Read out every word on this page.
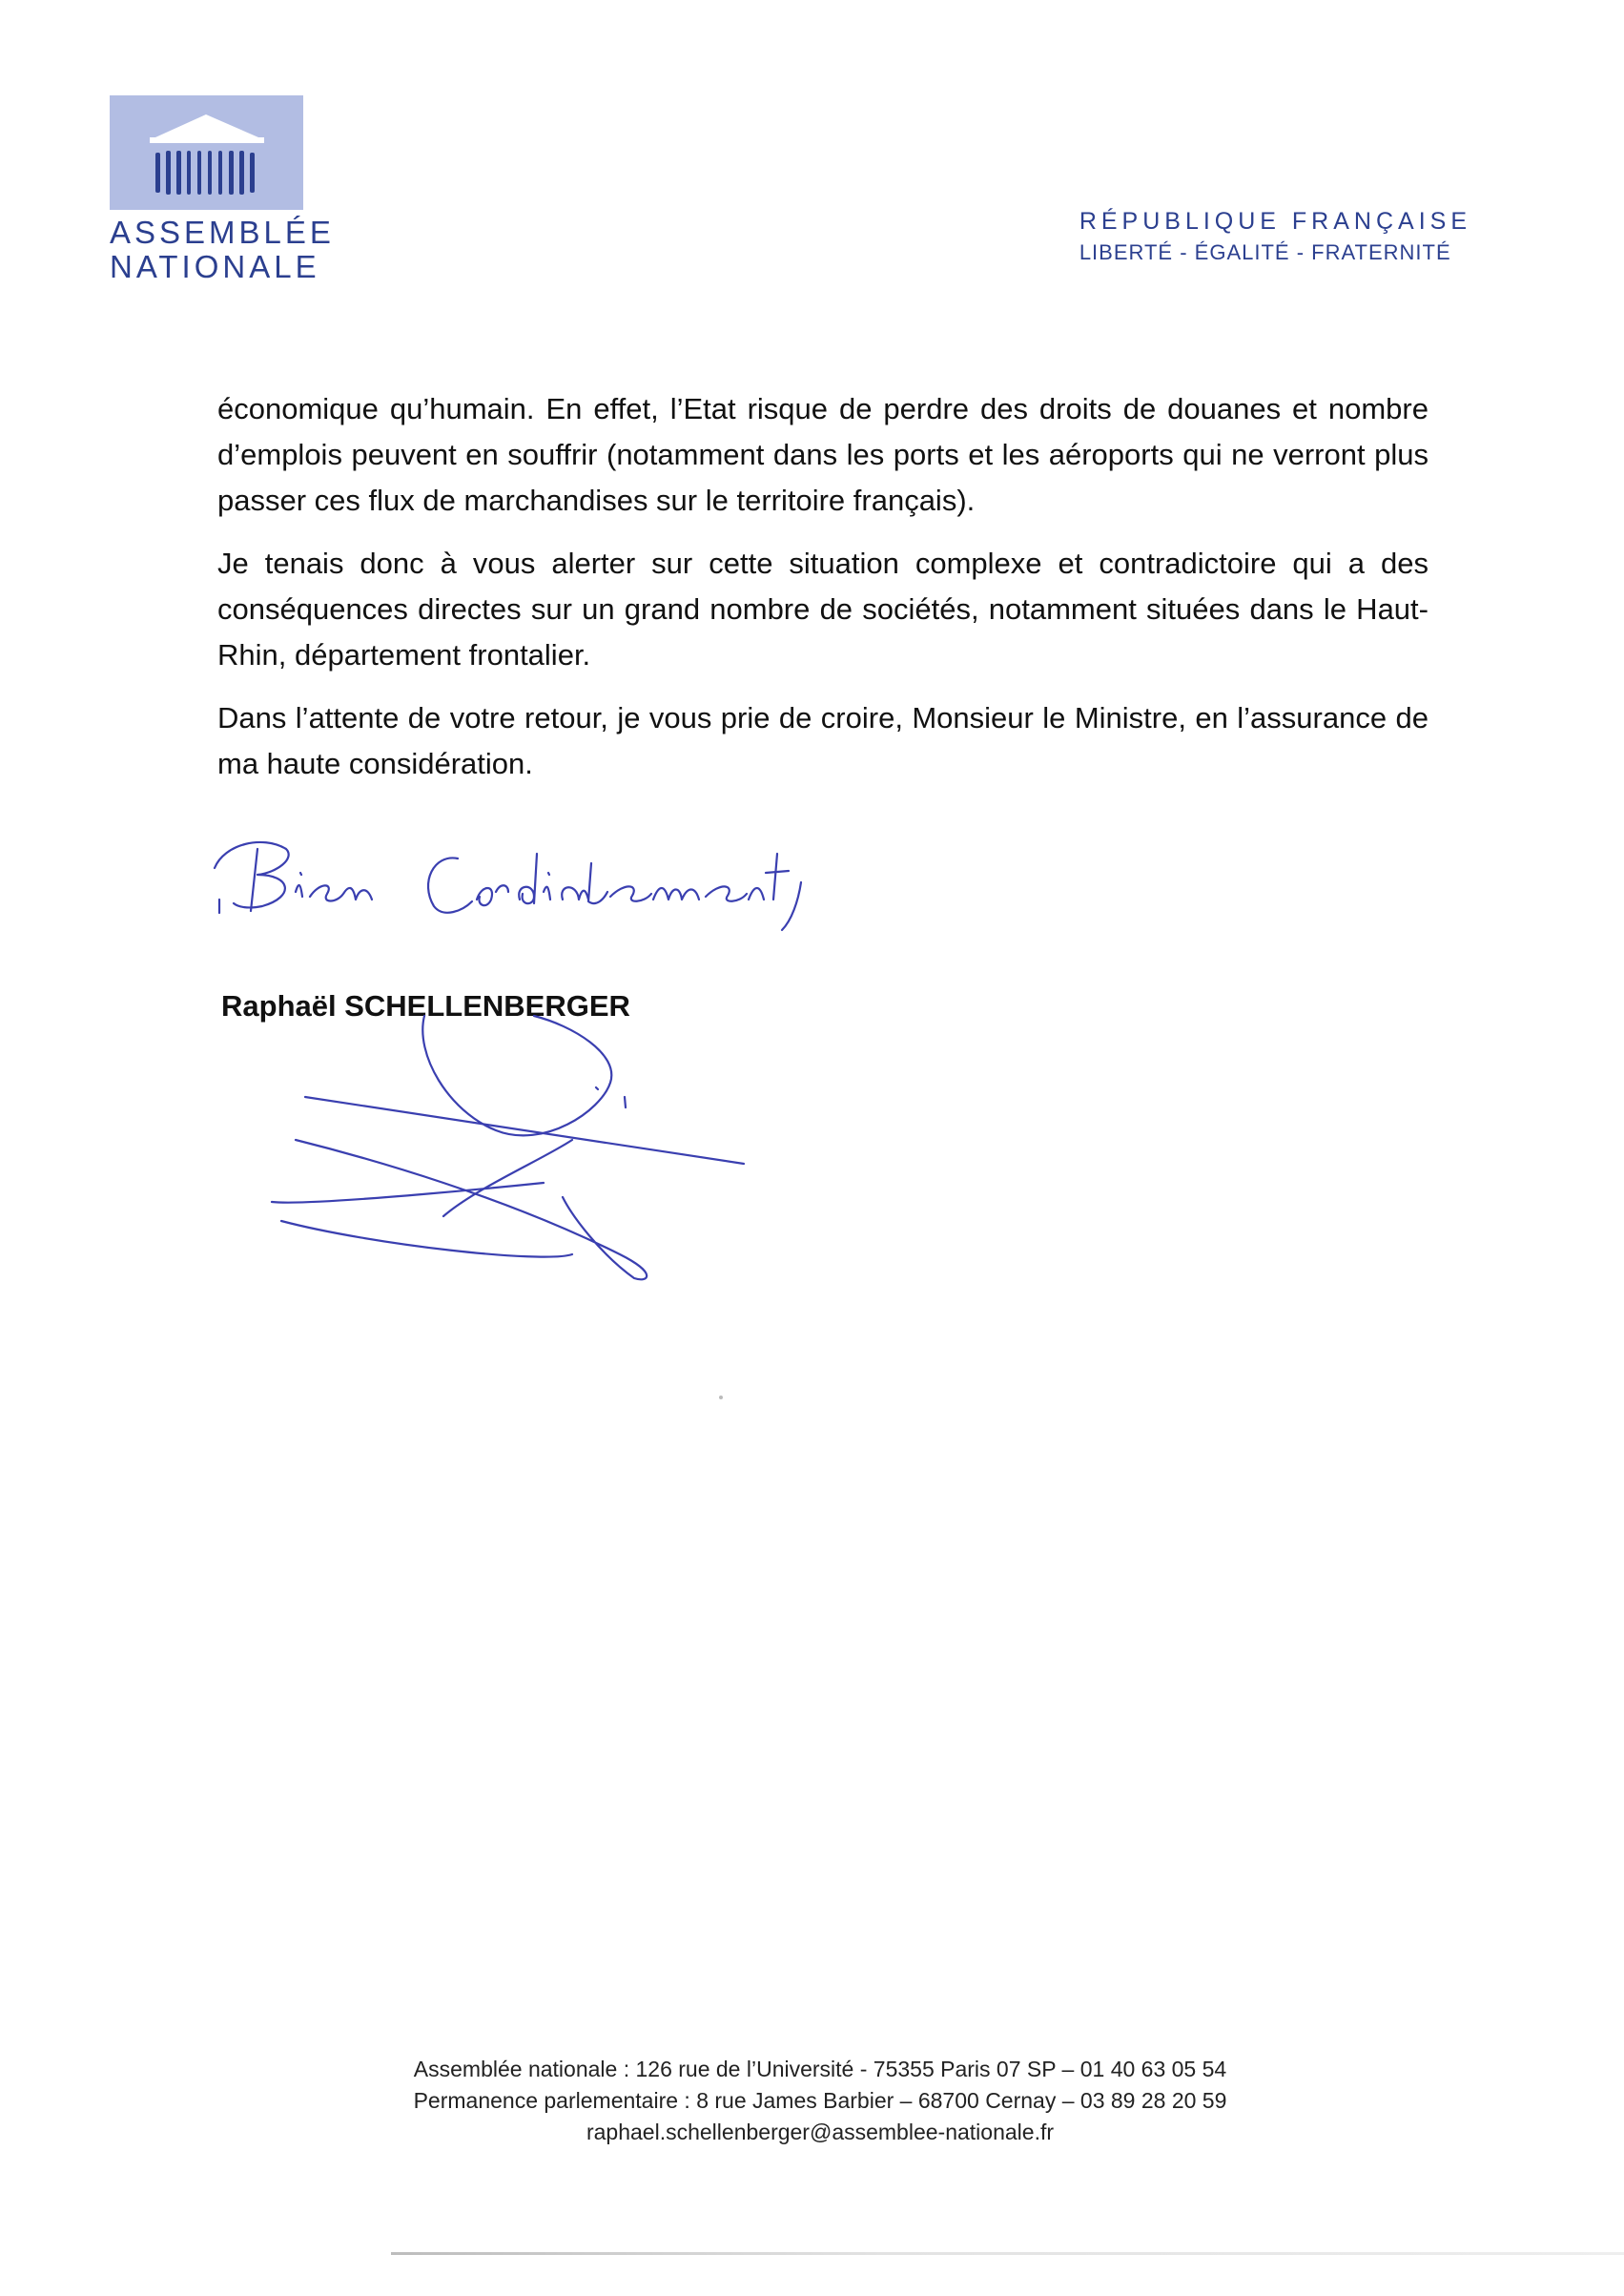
ASSEMBLÉE
NATIONALE
RÉPUBLIQUE FRANÇAISE
LIBERTÉ - ÉGALITÉ - FRATERNITÉ

économique qu’humain. En effet, l’Etat risque de perdre des droits de douanes et nombre d’emplois peuvent en souffrir (notamment dans les ports et les aéroports qui ne verront plus passer ces flux de marchandises sur le territoire français).

Je tenais donc à vous alerter sur cette situation complexe et contradictoire qui a des conséquences directes sur un grand nombre de sociétés, notamment situées dans le Haut-Rhin, département frontalier.

Dans l’attente de votre retour, je vous prie de croire, Monsieur le Ministre, en l’assurance de ma haute considération.

Raphaël SCHELLENBERGER
Assemblée nationale : 126 rue de l’Université - 75355 Paris 07 SP – 01 40 63 05 54
Permanence parlementaire : 8 rue James Barbier – 68700 Cernay – 03 89 28 20 59
raphael.schellenberger@assemblee-nationale.fr
